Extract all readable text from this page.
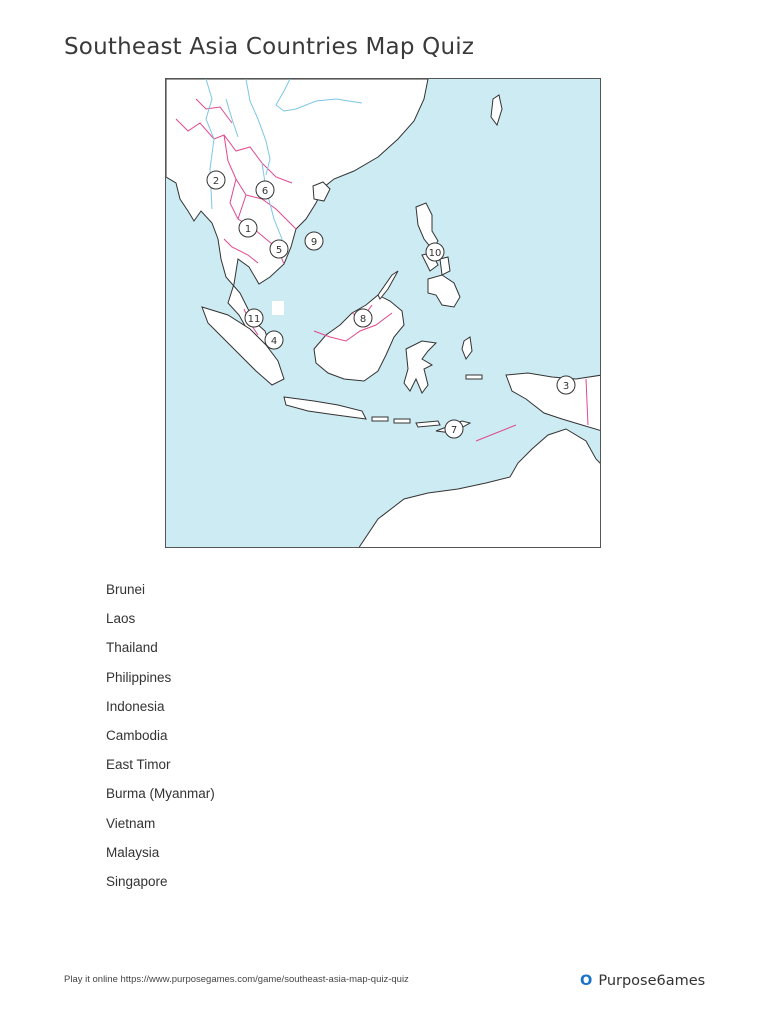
Southeast Asia Countries Map Quiz
1
2
3
4
5
6
7
8
9
10
11
Brunei
Laos
Thailand
Philippines
Indonesia
Cambodia
East Timor
Burma (Myanmar)
Vietnam
Malaysia
Singapore
Play it online https://www.purposegames.com/game/southeast-asia-map-quiz-quiz	O Purpose6ames
